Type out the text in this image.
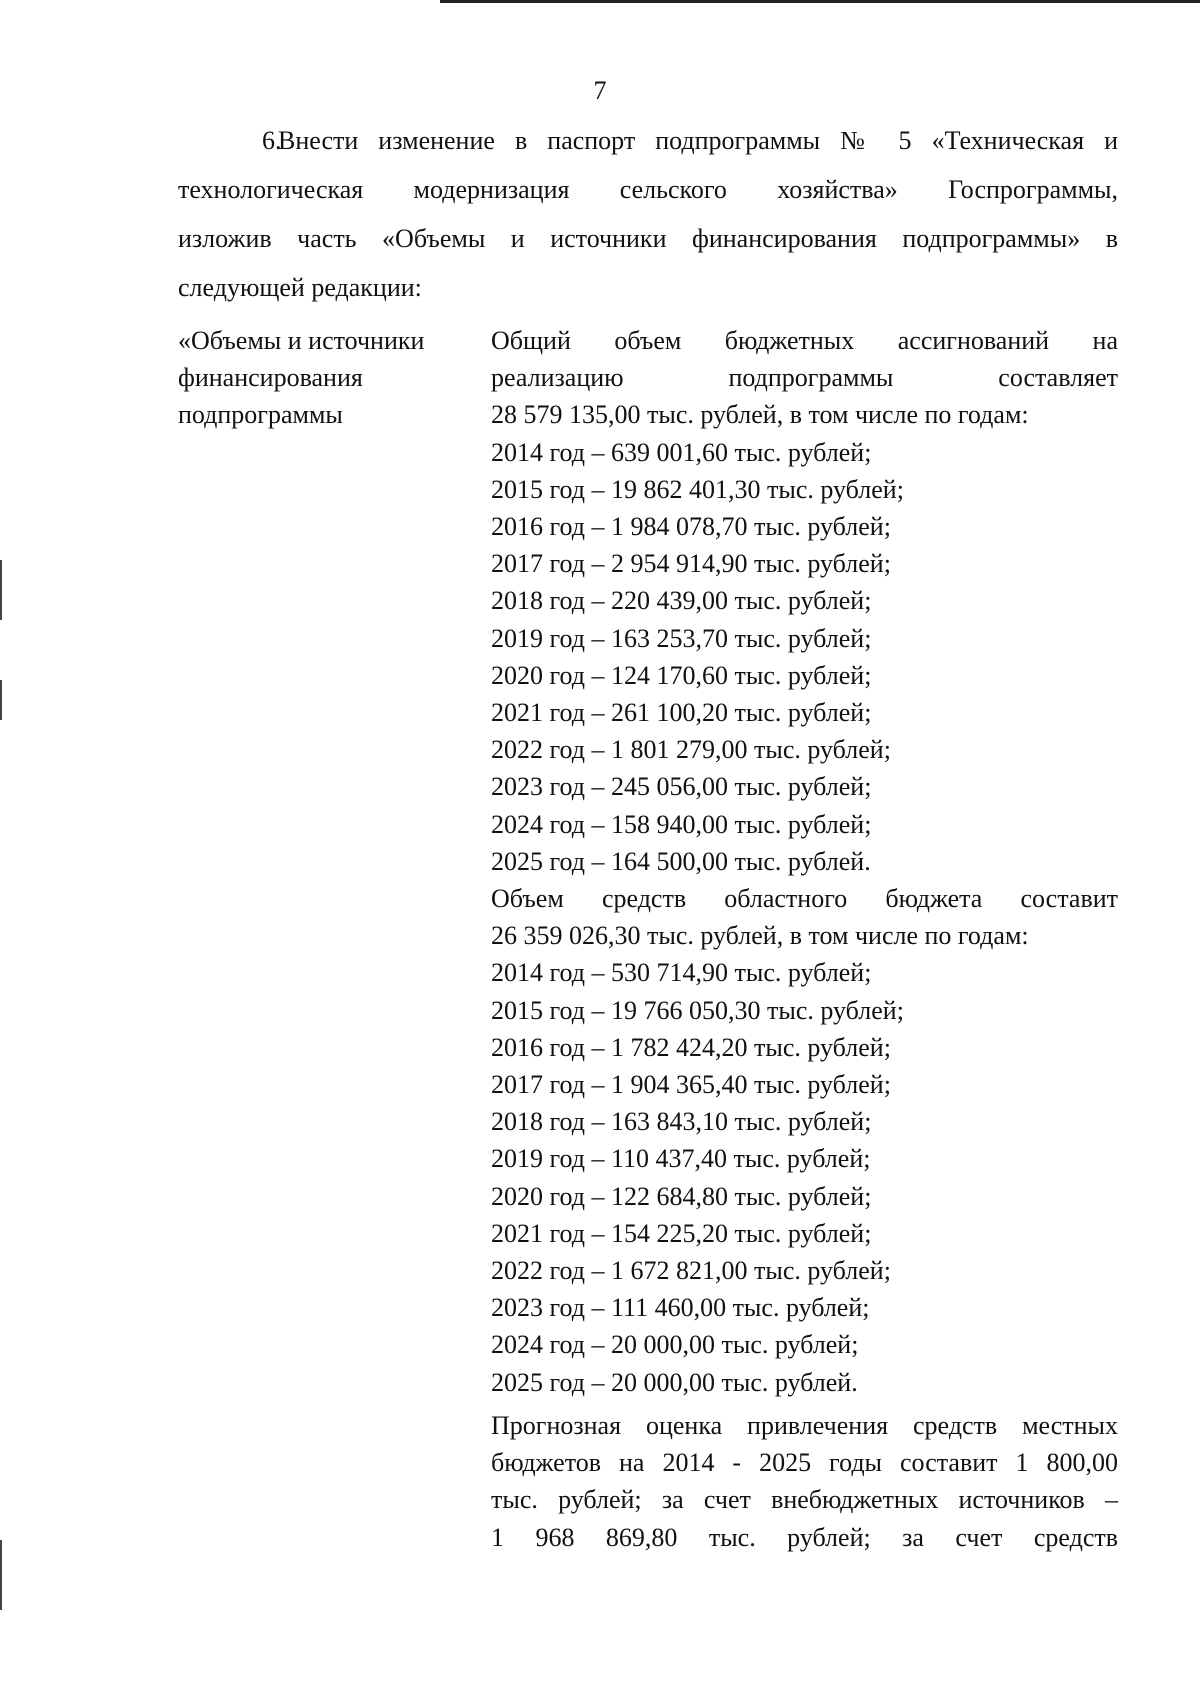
7
6.Внести изменение в паспорт подпрограммы № 5 «Техническая и
технологическая модернизация сельского хозяйства» Госпрограммы,
изложив часть «Объемы и источники финансирования подпрограммы» в
следующей редакции:
«Объемы и источники
финансирования
подпрограммы
Общий объем бюджетных ассигнований на
реализацию подпрограммы составляет
28 579 135,00 тыс. рублей, в том числе по годам:
2014 год – 639 001,60 тыс. рублей;
2015 год – 19 862 401,30 тыс. рублей;
2016 год – 1 984 078,70 тыс. рублей;
2017 год – 2 954 914,90 тыс. рублей;
2018 год – 220 439,00 тыс. рублей;
2019 год – 163 253,70 тыс. рублей;
2020 год – 124 170,60 тыс. рублей;
2021 год – 261 100,20 тыс. рублей;
2022 год – 1 801 279,00 тыс. рублей;
2023 год – 245 056,00 тыс. рублей;
2024 год – 158 940,00 тыс. рублей;
2025 год – 164 500,00 тыс. рублей.
Объем средств областного бюджета составит
26 359 026,30 тыс. рублей, в том числе по годам:
2014 год – 530 714,90 тыс. рублей;
2015 год – 19 766 050,30 тыс. рублей;
2016 год – 1 782 424,20 тыс. рублей;
2017 год – 1 904 365,40 тыс. рублей;
2018 год – 163 843,10 тыс. рублей;
2019 год – 110 437,40 тыс. рублей;
2020 год – 122 684,80 тыс. рублей;
2021 год – 154 225,20 тыс. рублей;
2022 год – 1 672 821,00 тыс. рублей;
2023 год – 111 460,00 тыс. рублей;
2024 год – 20 000,00 тыс. рублей;
2025 год – 20 000,00 тыс. рублей.
Прогнозная оценка привлечения средств местных
бюджетов на 2014 - 2025 годы составит 1 800,00
тыс. рублей; за счет внебюджетных источников –
1 968 869,80 тыс. рублей; за счет средств
